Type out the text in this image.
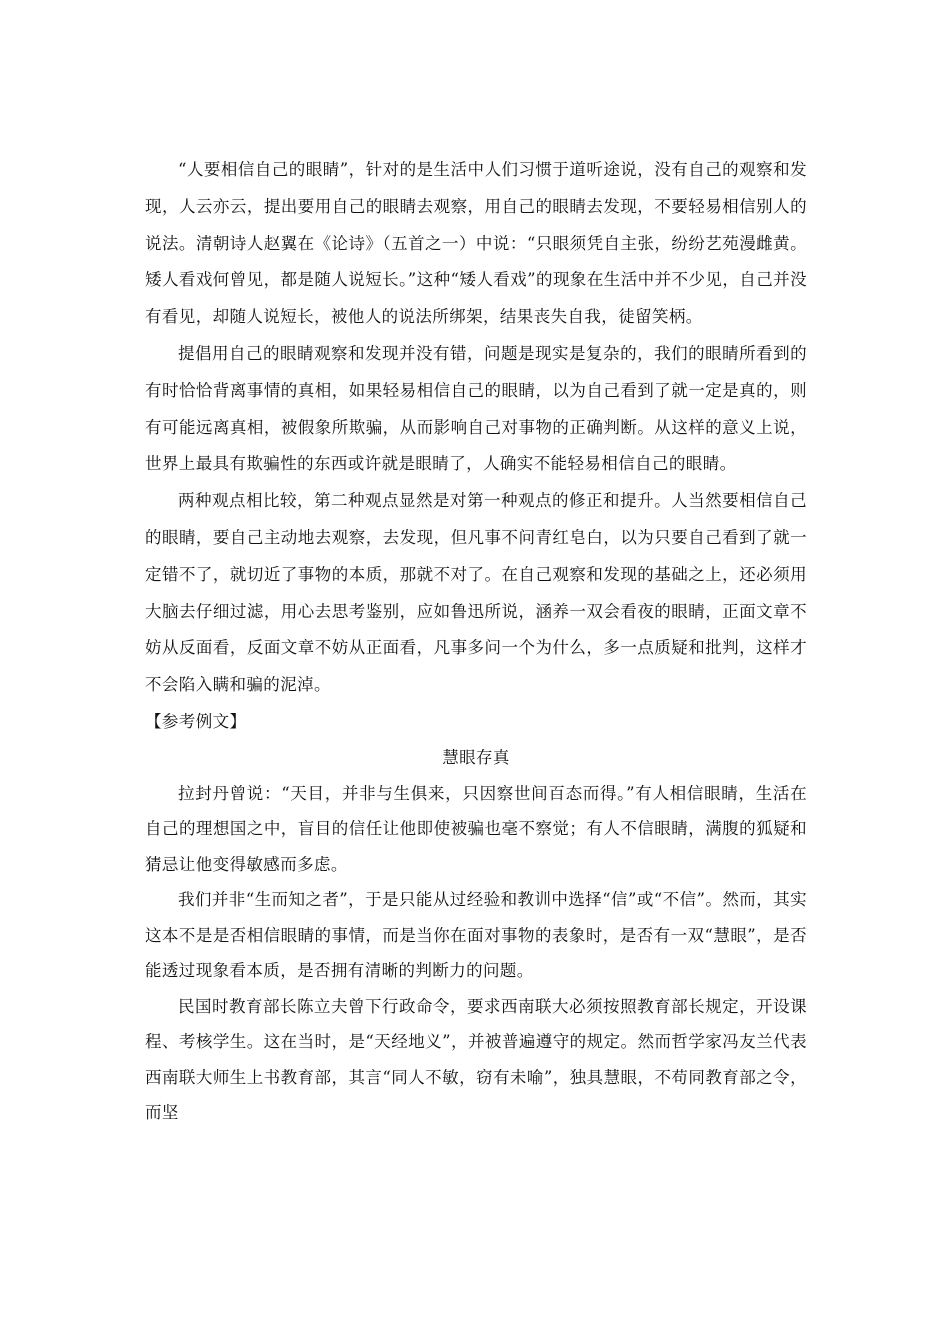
“人要相信自己的眼睛”，针对的是生活中人们习惯于道听途说，没有自己的观察和发现，人云亦云，提出要用自己的眼睛去观察，用自己的眼睛去发现，不要轻易相信别人的说法。清朝诗人赵翼在《论诗》（五首之一）中说：“只眼须凭自主张，纷纷艺苑漫雌黄。矮人看戏何曾见，都是随人说短长。”这种“矮人看戏”的现象在生活中并不少见，自己并没有看见，却随人说短长，被他人的说法所绑架，结果丧失自我，徒留笑柄。

提倡用自己的眼睛观察和发现并没有错，问题是现实是复杂的，我们的眼睛所看到的有时恰恰背离事情的真相，如果轻易相信自己的眼睛，以为自己看到了就一定是真的，则有可能远离真相，被假象所欺骗，从而影响自己对事物的正确判断。从这样的意义上说，世界上最具有欺骗性的东西或许就是眼睛了，人确实不能轻易相信自己的眼睛。

两种观点相比较，第二种观点显然是对第一种观点的修正和提升。人当然要相信自己的眼睛，要自己主动地去观察，去发现，但凡事不问青红皂白，以为只要自己看到了就一定错不了，就切近了事物的本质，那就不对了。在自己观察和发现的基础之上，还必须用大脑去仔细过滤，用心去思考鉴别，应如鲁迅所说，涵养一双会看夜的眼睛，正面文章不妨从反面看，反面文章不妨从正面看，凡事多问一个为什么，多一点质疑和批判，这样才不会陷入瞒和骗的泥淖。

【参考例文】

慧眼存真

拉封丹曾说：“天目，并非与生俱来，只因察世间百态而得。”有人相信眼睛，生活在自己的理想国之中，盲目的信任让他即使被骗也毫不察觉；有人不信眼睛，满腹的狐疑和猜忌让他变得敏感而多虑。

我们并非“生而知之者”，于是只能从过经验和教训中选择“信”或“不信”。然而，其实这本不是是否相信眼睛的事情，而是当你在面对事物的表象时，是否有一双“慧眼”，是否能透过现象看本质，是否拥有清晰的判断力的问题。

民国时教育部长陈立夫曾下行政命令，要求西南联大必须按照教育部长规定，开设课程、考核学生。这在当时，是“天经地义”，并被普遍遵守的规定。然而哲学家冯友兰代表西南联大师生上书教育部，其言“同人不敏，窃有未喻”，独具慧眼，不苟同教育部之令，而坚
